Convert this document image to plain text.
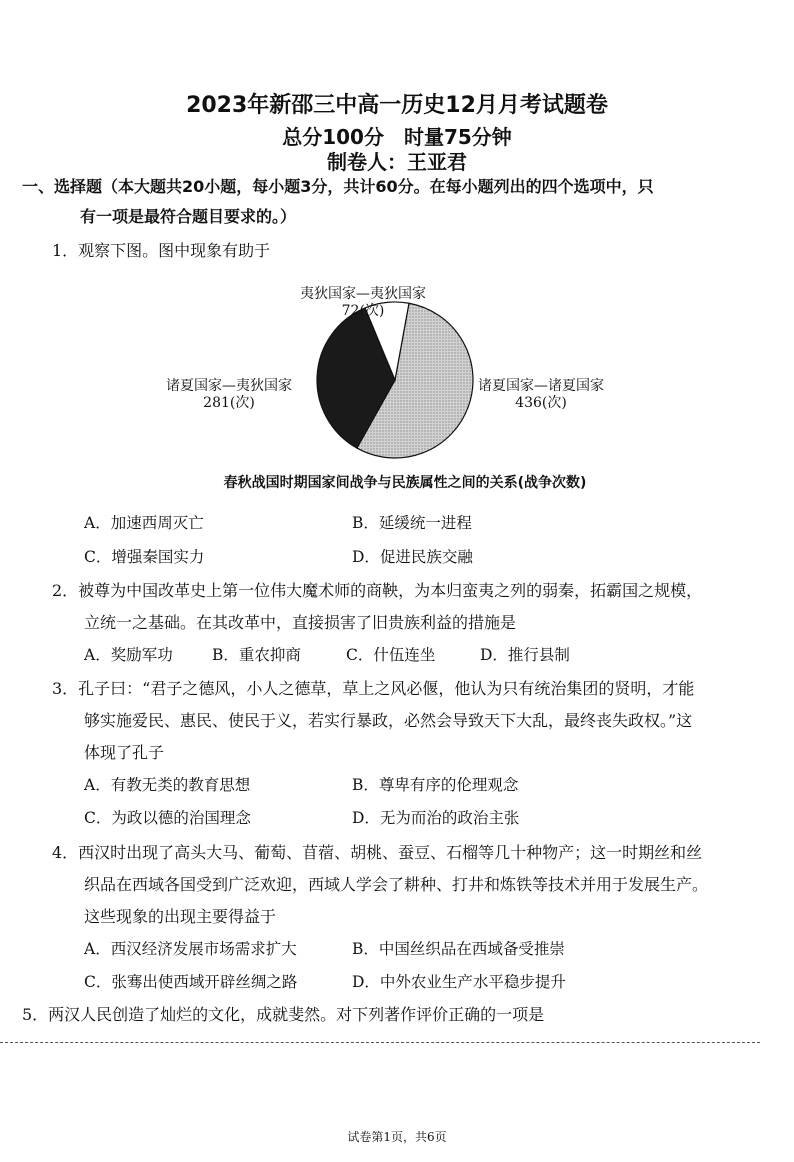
2023年新邵三中高一历史12月月考试题卷
总分100分　时量75分钟
制卷人：王亚君
一、选择题（本大题共20小题，每小题3分，共计60分。在每小题列出的四个选项中，只
有一项是最符合题目要求的。）
1．观察下图。图中现象有助于
夷狄国家—夷狄国家
72(次)
诸夏国家—夷狄国家
281(次)
诸夏国家—诸夏国家
436(次)
春秋战国时期国家间战争与民族属性之间的关系(战争次数)
A．加速西周灭亡	B．延缓统一进程
C．增强秦国实力	D．促进民族交融
2．被尊为中国改革史上第一位伟大魔术师的商鞅，为本归蛮夷之列的弱秦，拓霸国之规模，
立统一之基础。在其改革中，直接损害了旧贵族利益的措施是
A．奖励军功	B．重农抑商	C．什伍连坐	D．推行县制
3．孔子曰：“君子之德风，小人之德草，草上之风必偃，他认为只有统治集团的贤明，才能
够实施爱民、惠民、使民于义，若实行暴政，必然会导致天下大乱，最终丧失政权。”这
体现了孔子
A．有教无类的教育思想	B．尊卑有序的伦理观念
C．为政以德的治国理念	D．无为而治的政治主张
4．西汉时出现了高头大马、葡萄、苜蓿、胡桃、蚕豆、石榴等几十种物产；这一时期丝和丝
织品在西域各国受到广泛欢迎，西域人学会了耕种、打井和炼铁等技术并用于发展生产。
这些现象的出现主要得益于
A．西汉经济发展市场需求扩大	B．中国丝织品在西域备受推崇
C．张骞出使西域开辟丝绸之路	D．中外农业生产水平稳步提升
5．两汉人民创造了灿烂的文化，成就斐然。对下列著作评价正确的一项是
试卷第1页，共6页
